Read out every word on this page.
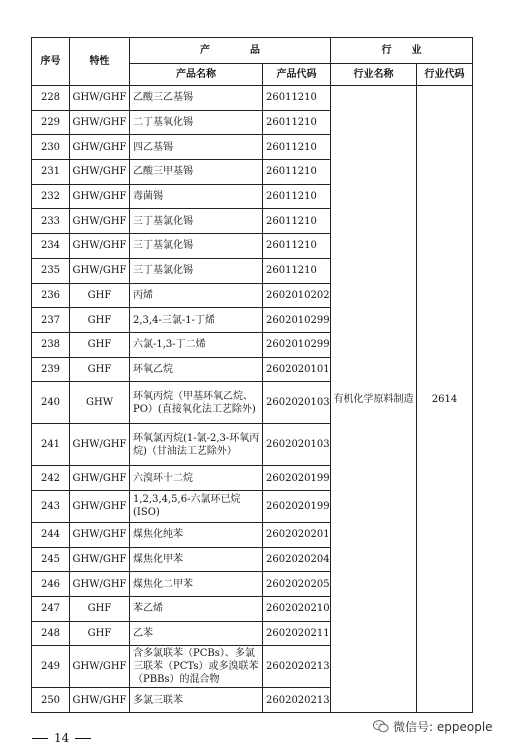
序号	特性	产　　　　品		行　　业	
		产品名称	产品代码	行业名称	行业代码
228	GHW/GHF	乙酸三乙基锡	26011210	有机化学原料制造	2614
229	GHW/GHF	二丁基氧化锡	26011210		
230	GHW/GHF	四乙基锡	26011210		
231	GHW/GHF	乙酸三甲基锡	26011210		
232	GHW/GHF	毒菌锡	26011210		
233	GHW/GHF	三丁基氯化锡	26011210		
234	GHW/GHF	三丁基氯化锡	26011210		
235	GHW/GHF	三丁基氯化锡	26011210		
236	GHF	丙烯	2602010202		
237	GHF	2,3,4-三氯-1-丁烯	2602010299		
238	GHF	六氯-1,3-丁二烯	2602010299		
239	GHF	环氧乙烷	2602020101		
240	GHW	环氧丙烷（甲基环氧乙烷、PO）(直接氧化法工艺除外)	2602020103		
241	GHW/GHF	环氧氯丙烷(1-氯-2,3-环氧丙烷)（甘油法工艺除外）	2602020103		
242	GHW/GHF	六溴环十二烷	2602020199		
243	GHW/GHF	1,2,3,4,5,6-六氯环已烷(ISO)	2602020199		
244	GHW/GHF	煤焦化纯苯	2602020201		
245	GHW/GHF	煤焦化甲苯	2602020204		
246	GHW/GHF	煤焦化二甲苯	2602020205		
247	GHF	苯乙烯	2602020210		
248	GHF	乙苯	2602020211		
249	GHW/GHF	含多氯联苯（PCBs）、多氯三联苯（PCTs）或多溴联苯（PBBs）的混合物	2602020213		
250	GHW/GHF	多氯三联苯	2602020213		
14
微信号: eppeople
